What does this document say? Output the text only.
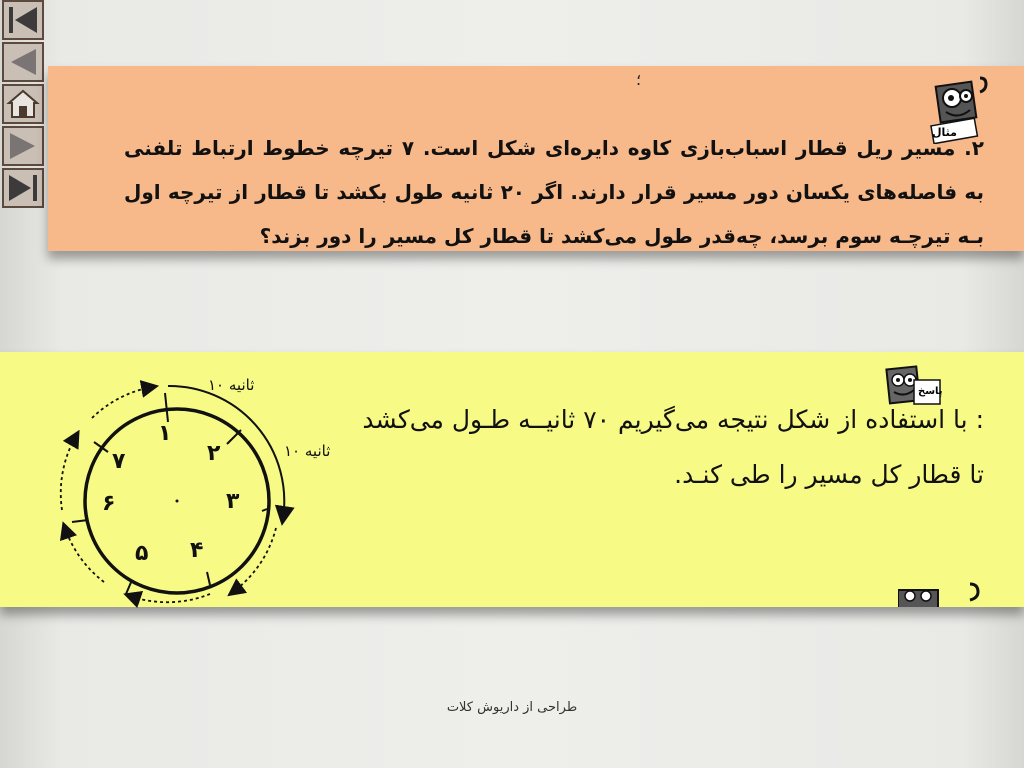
؛
مثال
۲. مسیر ریل قطار اسباب‌بازی کاوه دایره‌ای شکل است. ۷ تیرچه خطوط ارتباط تلفنی به فاصله‌های یکسان دور مسیر قرار دارند. اگر ۲۰ ثانیه طول بکشد تا قطار از تیرچه اول بـه تیرچـه سوم برسد، چه‌قدر طول می‌کشد تا قطار کل مسیر را دور بزند؟
پاسخ
: با استفاده از شکل نتیجه می‌گیریم ۷۰ ثانیــه طـول می‌کشد تا قطار کل مسیر را طی کنـد.
۱
۲
۳
۴
۵
۶
۷
۱۰ ثانیه
۱۰ ثانیه
طراحی از داریوش کلات
